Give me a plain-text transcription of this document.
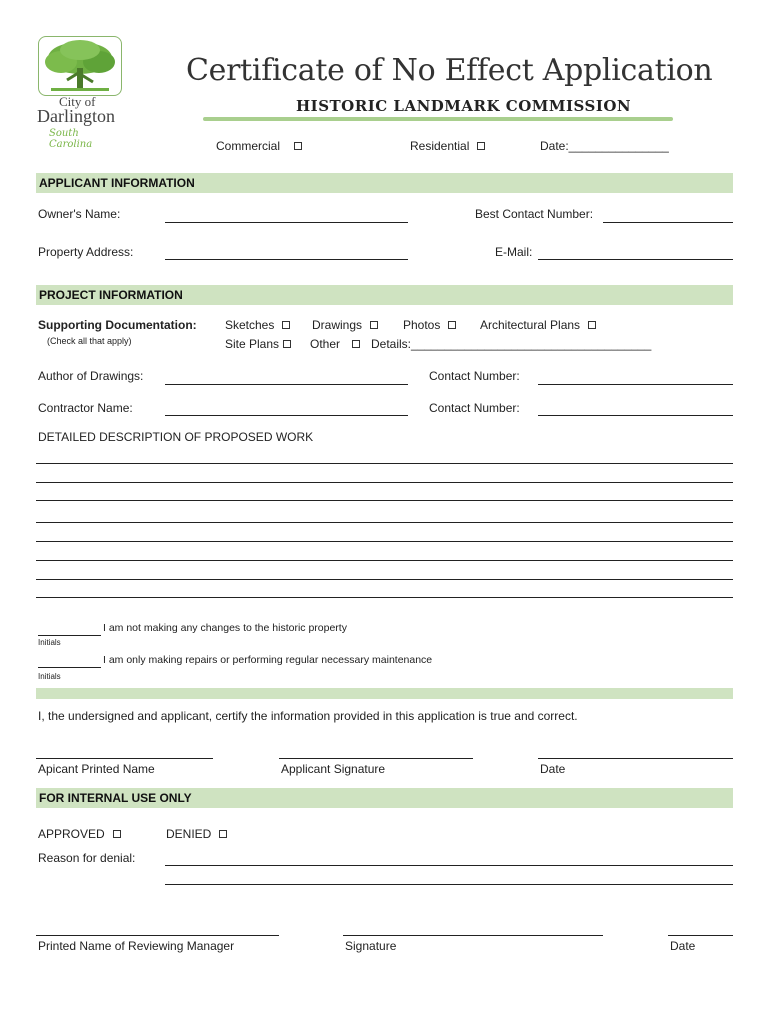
City of
Darlington
South Carolina
Certificate of No Effect Application
HISTORIC LANDMARK COMMISSION
Commercial	Residential	Date:_______________
APPLICANT INFORMATION
Owner's Name:	Best Contact Number:
Property Address:	E-Mail:
PROJECT INFORMATION
Supporting Documentation:
(Check all that apply)
Sketches	Drawings	Photos	Architectural Plans
Site Plans	Other	Details:____________________________________
Author of Drawings:	Contact Number:
Contractor Name:	Contact Number:
DETAILED DESCRIPTION OF PROPOSED WORK
I am not making any changes to the historic property
Initials
I am only making repairs or performing regular necessary maintenance
Initials
I, the undersigned and applicant, certify the information provided in this application is true and correct.
Apicant Printed Name	Applicant Signature	Date
FOR INTERNAL USE ONLY
APPROVED	DENIED
Reason for denial:
Printed Name of Reviewing Manager	Signature	Date
